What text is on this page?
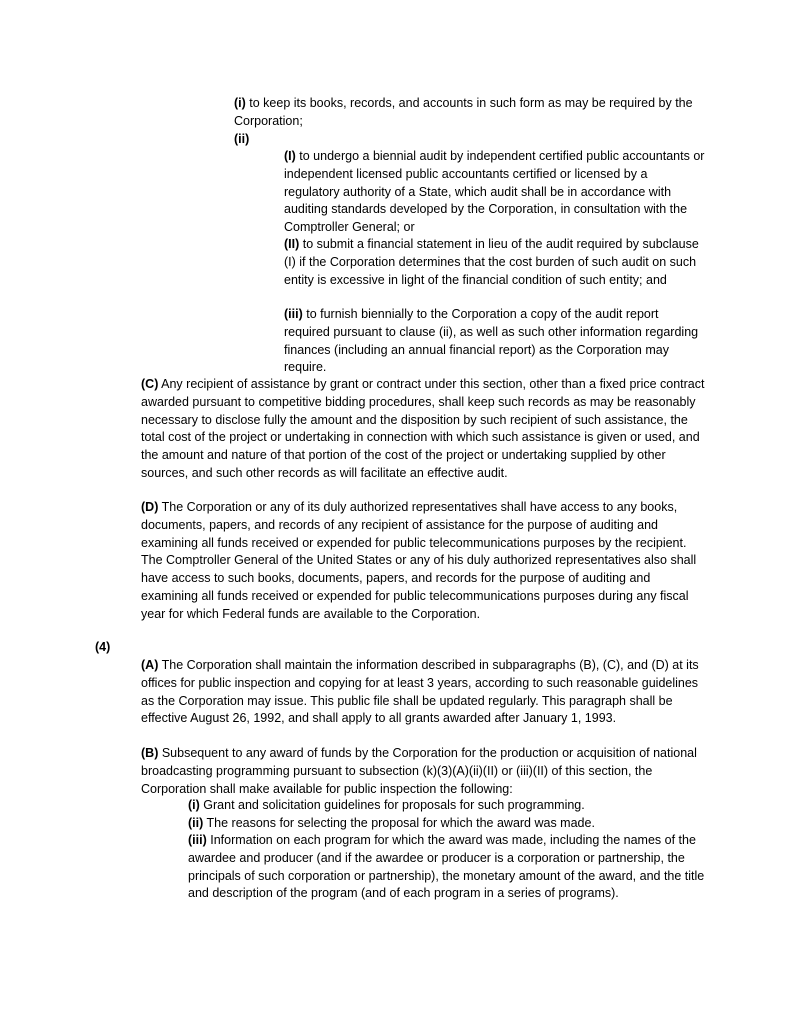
(i) to keep its books, records, and accounts in such form as may be required by the Corporation;

(ii)

(I) to undergo a biennial audit by independent certified public accountants or independent licensed public accountants certified or licensed by a regulatory authority of a State, which audit shall be in accordance with auditing standards developed by the Corporation, in consultation with the Comptroller General; or

(II) to submit a financial statement in lieu of the audit required by subclause (I) if the Corporation determines that the cost burden of such audit on such entity is excessive in light of the financial condition of such entity; and

(iii) to furnish biennially to the Corporation a copy of the audit report required pursuant to clause (ii), as well as such other information regarding finances (including an annual financial report) as the Corporation may require.

(C) Any recipient of assistance by grant or contract under this section, other than a fixed price contract awarded pursuant to competitive bidding procedures, shall keep such records as may be reasonably necessary to disclose fully the amount and the disposition by such recipient of such assistance, the total cost of the project or undertaking in connection with which such assistance is given or used, and the amount and nature of that portion of the cost of the project or undertaking supplied by other sources, and such other records as will facilitate an effective audit.

(D) The Corporation or any of its duly authorized representatives shall have access to any books, documents, papers, and records of any recipient of assistance for the purpose of auditing and examining all funds received or expended for public telecommunications purposes by the recipient. The Comptroller General of the United States or any of his duly authorized representatives also shall have access to such books, documents, papers, and records for the purpose of auditing and examining all funds received or expended for public telecommunications purposes during any fiscal year for which Federal funds are available to the Corporation.

(4)

(A) The Corporation shall maintain the information described in subparagraphs (B), (C), and (D) at its offices for public inspection and copying for at least 3 years, according to such reasonable guidelines as the Corporation may issue. This public file shall be updated regularly. This paragraph shall be effective August 26, 1992, and shall apply to all grants awarded after January 1, 1993.

(B) Subsequent to any award of funds by the Corporation for the production or acquisition of national broadcasting programming pursuant to subsection (k)(3)(A)(ii)(II) or (iii)(II) of this section, the Corporation shall make available for public inspection the following:

(i) Grant and solicitation guidelines for proposals for such programming.

(ii) The reasons for selecting the proposal for which the award was made.

(iii) Information on each program for which the award was made, including the names of the awardee and producer (and if the awardee or producer is a corporation or partnership, the principals of such corporation or partnership), the monetary amount of the award, and the title and description of the program (and of each program in a series of programs).
